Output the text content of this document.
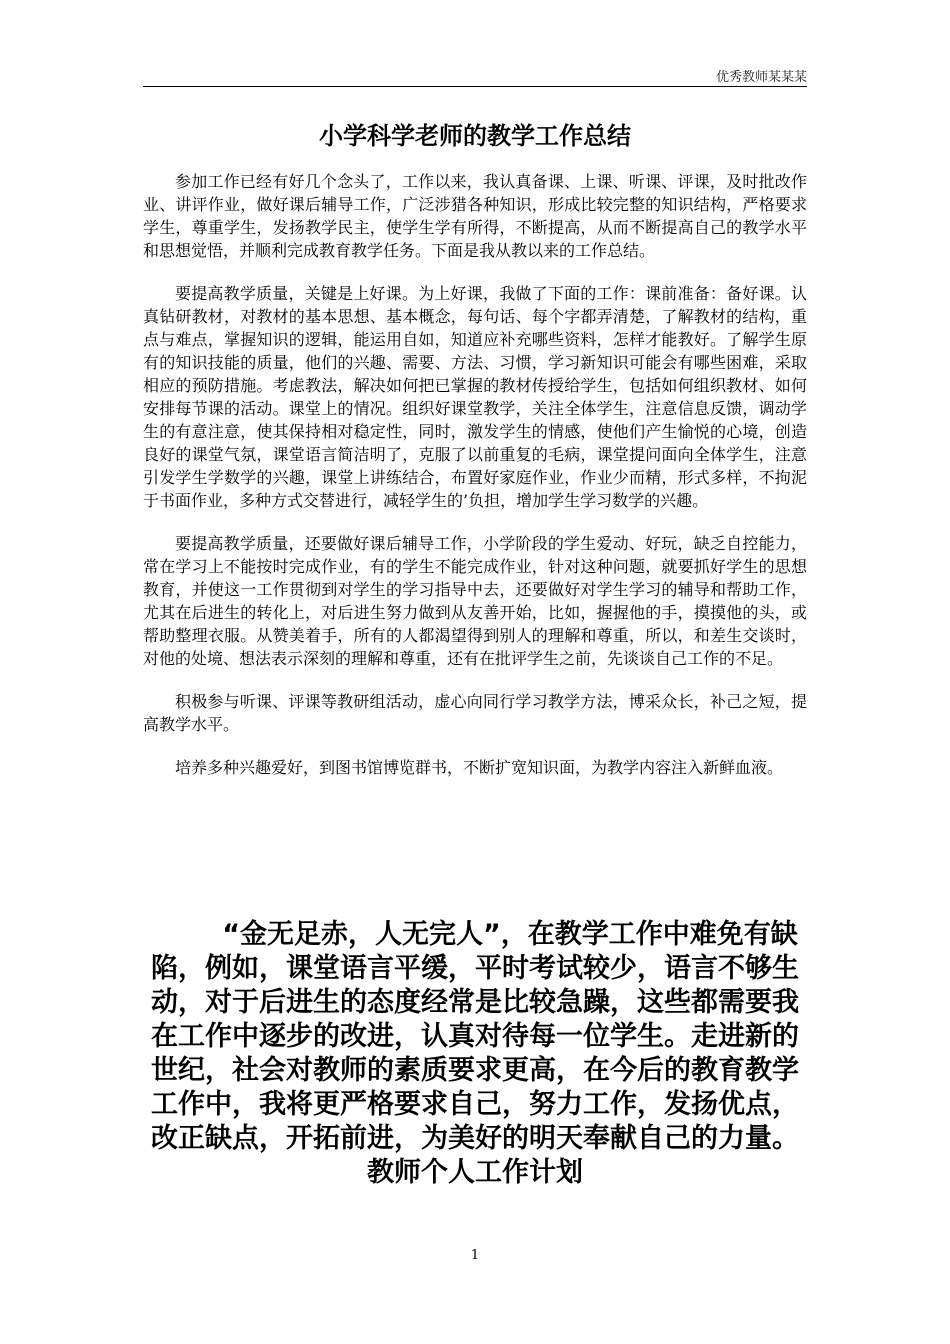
优秀教师某某某
小学科学老师的教学工作总结

参加工作已经有好几个念头了，工作以来，我认真备课、上课、听课、评课，及时批改作业、讲评作业，做好课后辅导工作，广泛涉猎各种知识，形成比较完整的知识结构，严格要求学生，尊重学生，发扬教学民主，使学生学有所得，不断提高，从而不断提高自己的教学水平和思想觉悟，并顺利完成教育教学任务。下面是我从教以来的工作总结。

要提高教学质量，关键是上好课。为上好课，我做了下面的工作：课前准备：备好课。认真钻研教材，对教材的基本思想、基本概念，每句话、每个字都弄清楚，了解教材的结构，重点与难点，掌握知识的逻辑，能运用自如，知道应补充哪些资料，怎样才能教好。了解学生原有的知识技能的质量，他们的兴趣、需要、方法、习惯，学习新知识可能会有哪些困难，采取相应的预防措施。考虑教法，解决如何把已掌握的教材传授给学生，包括如何组织教材、如何安排每节课的活动。课堂上的情况。组织好课堂教学，关注全体学生，注意信息反馈，调动学生的有意注意，使其保持相对稳定性，同时，激发学生的情感，使他们产生愉悦的心境，创造良好的课堂气氛，课堂语言简洁明了，克服了以前重复的毛病，课堂提问面向全体学生，注意引发学生学数学的兴趣，课堂上讲练结合，布置好家庭作业，作业少而精，形式多样，不拘泥于书面作业，多种方式交替进行，减轻学生的’负担，增加学生学习数学的兴趣。

要提高教学质量，还要做好课后辅导工作，小学阶段的学生爱动、好玩，缺乏自控能力，常在学习上不能按时完成作业，有的学生不能完成作业，针对这种问题，就要抓好学生的思想教育，并使这一工作贯彻到对学生的学习指导中去，还要做好对学生学习的辅导和帮助工作，尤其在后进生的转化上，对后进生努力做到从友善开始，比如，握握他的手，摸摸他的头，或帮助整理衣服。从赞美着手，所有的人都渴望得到别人的理解和尊重，所以，和差生交谈时，对他的处境、想法表示深刻的理解和尊重，还有在批评学生之前，先谈谈自己工作的不足。

积极参与听课、评课等教研组活动，虚心向同行学习教学方法，博采众长，补己之短，提高教学水平。

培养多种兴趣爱好，到图书馆博览群书，不断扩宽知识面，为教学内容注入新鲜血液。

“金无足赤，人无完人”，在教学工作中难免有缺陷，例如，课堂语言平缓，平时考试较少，语言不够生动，对于后进生的态度经常是比较急躁，这些都需要我在工作中逐步的改进，认真对待每一位学生。走进新的世纪，社会对教师的素质要求更高，在今后的教育教学工作中，我将更严格要求自己，努力工作，发扬优点，改正缺点，开拓前进，为美好的明天奉献自己的力量。 教师个人工作计划

1
